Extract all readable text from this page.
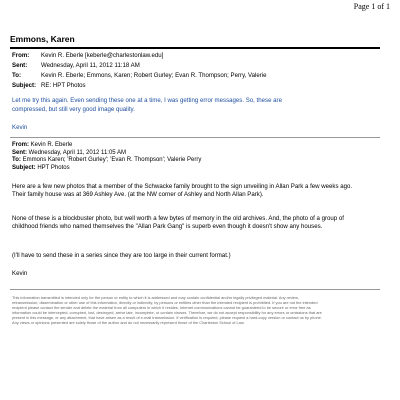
Page 1 of 1
Emmons, Karen
From: Kevin R. Eberle [keberle@charlestonlaw.edu]
Sent: Wednesday, April 11, 2012 11:18 AM
To:	Kevin R. Eberle; Emmons, Karen; Robert Gurley; Evan R. Thompson; Perry, Valerie
Subject: RE: HPT Photos
Let me try this again. Even sending these one at a time, I was getting error messages. So, these are compressed, but still very good image quality.
Kevin
From: Kevin R. Eberle
Sent: Wednesday, April 11, 2012 11:05 AM
To: Emmons Karen; 'Robert Gurley'; 'Evan R. Thompson'; Valerie Perry
Subject: HPT Photos
Here are a few new photos that a member of the Schwacke family brought to the sign unveiling in Allan Park a few weeks ago. Their family house was at 369 Ashley Ave. (at the NW corner of Ashley and North Allan Park).
None of these is a blockbuster photo, but well worth a few bytes of memory in the old archives. And, the photo of a group of childhood friends who named themselves the "Allan Park Gang" is superb even though it doesn't show any houses.
(I'll have to send these in a series since they are too large in their current format.)
Kevin
This information transmitted is intended only for the person or entity to which it is addressed and may contain confidential and/or legally privileged material. Any review, retransmission, dissemination or other use of this information, directly or indirectly, by persons or entities other than the intended recipient is prohibited. If you are not the intended recipient please contact the sender and delete the material from all computers in which it resides. Internet communications cannot be guaranteed to be secure or error free as information could be intercepted, corrupted, lost, destroyed, arrive late, incomplete, or contain viruses. Therefore, we do not accept responsibility for any errors or omissions that are present in this message, or any attachment, that have arisen as a result of e-mail transmission. If verification is required, please request a hard-copy version or contact us by phone. Any views or opinions presented are solely those of the author and do not necessarily represent those of the Charleston School of Law.
